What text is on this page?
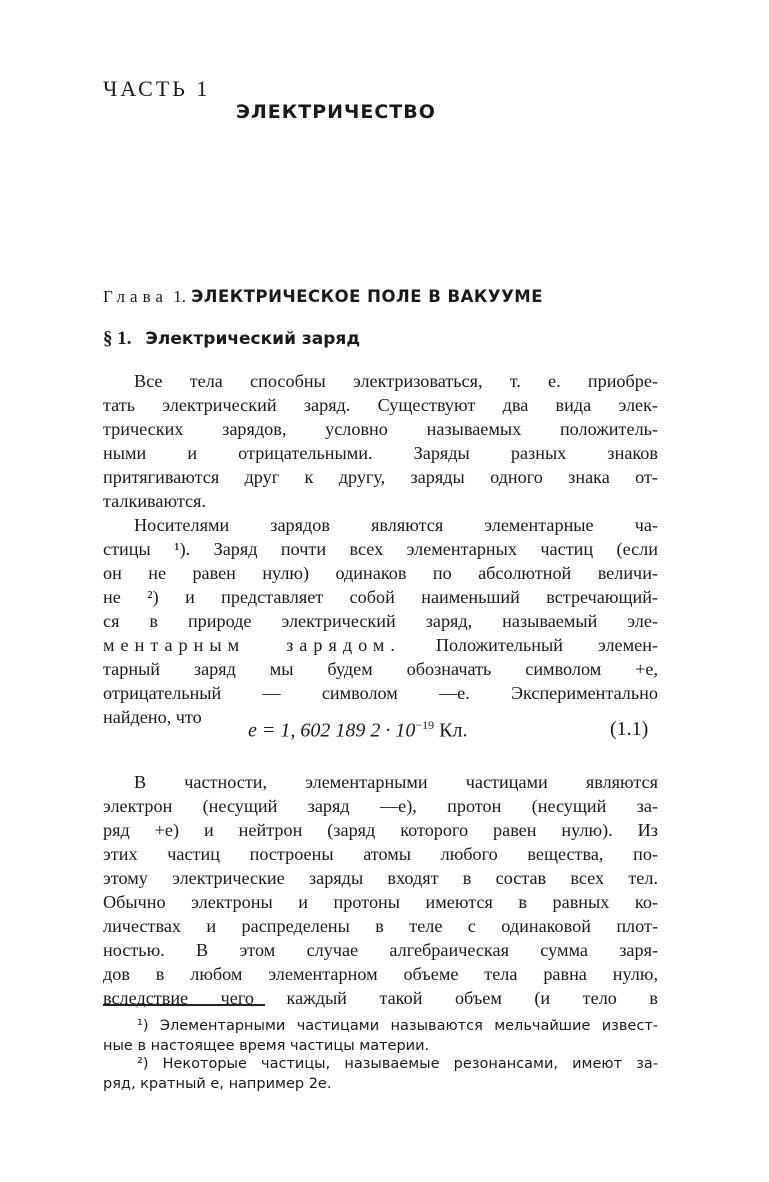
ЧАСТЬ 1
ЭЛЕКТРИЧЕСТВО
Глава 1. ЭЛЕКТРИЧЕСКОЕ ПОЛЕ В ВАКУУМЕ
§ 1. Электрический заряд
Все тела способны электризоваться, т. е. приобре-
тать электрический заряд. Существуют два вида элек-
трических зарядов, условно называемых положитель-
ными и отрицательными. Заряды разных знаков
притягиваются друг к другу, заряды одного знака от-
талкиваются.
Носителями зарядов являются элементарные ча-
стицы ¹). Заряд почти всех элементарных частиц (если
он не равен нулю) одинаков по абсолютной величи-
не ²) и представляет собой наименьший встречающий-
ся в природе электрический заряд, называемый эле-
ментарным зарядом. Положительный элемен-
тарный заряд мы будем обозначать символом +e,
отрицательный — символом —e. Экспериментально
найдено, что
e = 1, 602 189 $2 \cdot 10^{-19}$ Кл.	(1.1)
В частности, элементарными частицами являются
электрон (несущий заряд —e), протон (несущий за-
ряд +e) и нейтрон (заряд которого равен нулю). Из
этих частиц построены атомы любого вещества, по-
этому электрические заряды входят в состав всех тел.
Обычно электроны и протоны имеются в равных ко-
личествах и распределены в теле с одинаковой плот-
ностью. В этом случае алгебраическая сумма заря-
дов в любом элементарном объеме тела равна нулю,
вследствие чего каждый такой объем (и тело в
¹) Элементарными частицами называются мельчайшие извест-
ные в настоящее время частицы материи.
²) Некоторые частицы, называемые резонансами, имеют за-
ряд, кратный e, например 2e.
